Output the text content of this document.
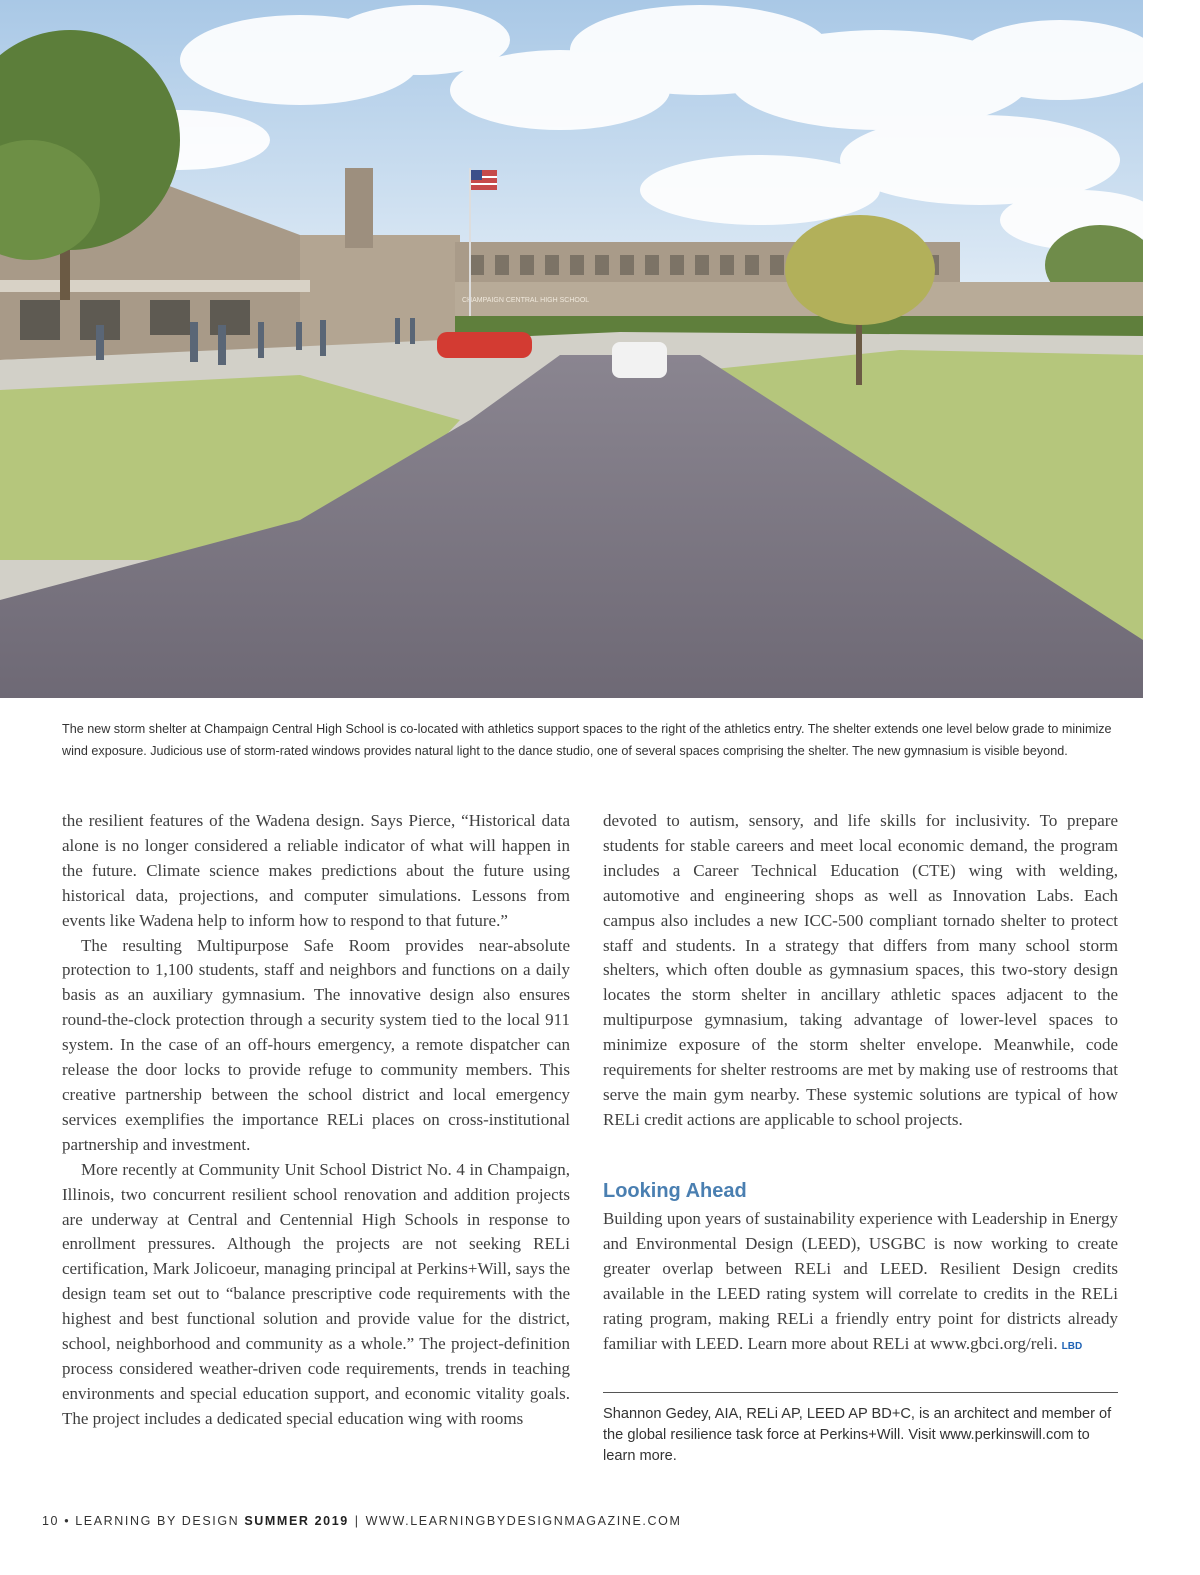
CHAMPAIGN CENTRAL HIGH SCHOOL

The new storm shelter at Champaign Central High School is co-located with athletics support spaces to the right of the athletics entry. The shelter extends one level below grade to minimize wind exposure. Judicious use of storm-rated windows provides natural light to the dance studio, one of several spaces comprising the shelter. The new gymnasium is visible beyond.

the resilient features of the Wadena design. Says Pierce, “Historical data alone is no longer considered a reliable indicator of what will happen in the future. Climate science makes predictions about the future using historical data, projections, and computer simulations. Lessons from events like Wadena help to inform how to respond to that future.”

The resulting Multipurpose Safe Room provides near-absolute protection to 1,100 students, staff and neighbors and functions on a daily basis as an auxiliary gymnasium. The innovative design also ensures round-the-clock protection through a security system tied to the local 911 system. In the case of an off-hours emergency, a remote dispatcher can release the door locks to provide refuge to community members. This creative partnership between the school district and local emergency services exemplifies the importance RELi places on cross-institutional partnership and investment.

More recently at Community Unit School District No. 4 in Champaign, Illinois, two concurrent resilient school renovation and addition projects are underway at Central and Centennial High Schools in response to enrollment pressures. Although the projects are not seeking RELi certification, Mark Jolicoeur, managing principal at Perkins+Will, says the design team set out to “balance prescriptive code requirements with the highest and best functional solution and provide value for the district, school, neighborhood and community as a whole.” The project-definition process considered weather-driven code requirements, trends in teaching environments and special education support, and economic vitality goals. The project includes a dedicated special education wing with rooms

devoted to autism, sensory, and life skills for inclusivity. To prepare students for stable careers and meet local economic demand, the program includes a Career Technical Education (CTE) wing with welding, automotive and engineering shops as well as Innovation Labs. Each campus also includes a new ICC-500 compliant tornado shelter to protect staff and students. In a strategy that differs from many school storm shelters, which often double as gymnasium spaces, this two-story design locates the storm shelter in ancillary athletic spaces adjacent to the multipurpose gymnasium, taking advantage of lower-level spaces to minimize exposure of the storm shelter envelope. Meanwhile, code requirements for shelter restrooms are met by making use of restrooms that serve the main gym nearby. These systemic solutions are typical of how RELi credit actions are applicable to school projects.

Looking Ahead

Building upon years of sustainability experience with Leadership in Energy and Environmental Design (LEED), USGBC is now working to create greater overlap between RELi and LEED. Resilient Design credits available in the LEED rating system will correlate to credits in the RELi rating program, making RELi a friendly entry point for districts already familiar with LEED. Learn more about RELi at www.gbci.org/reli. LBD

Shannon Gedey, AIA, RELi AP, LEED AP BD+C, is an architect and member of the global resilience task force at Perkins+Will. Visit www.perkinswill.com to learn more.

10 • LEARNING BY DESIGN SUMMER 2019 | WWW.LEARNINGBYDESIGNMAGAZINE.COM
